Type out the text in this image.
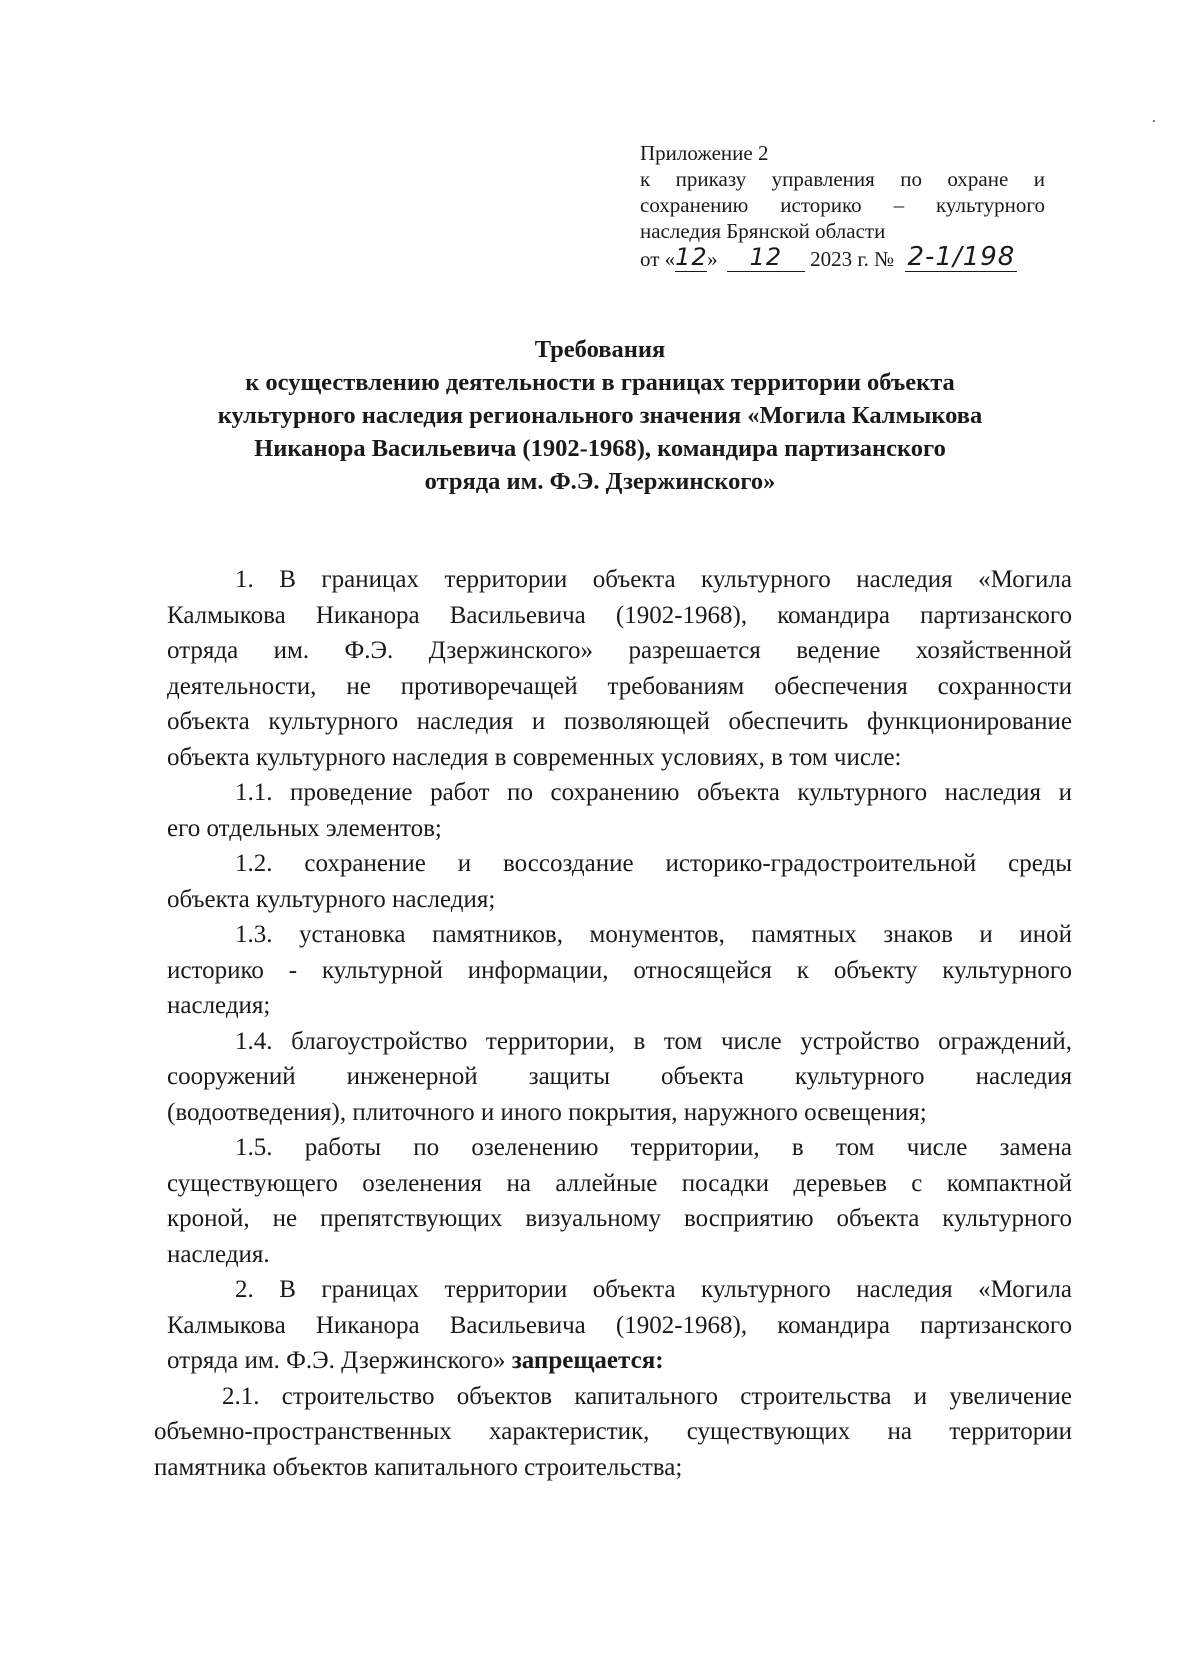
Приложение 2
к приказу управления по охране и
сохранению историко – культурного
наследия Брянской области
от « 12 »	12	2023 г. № 2-1/198
Требования
к осуществлению деятельности в границах территории объекта
культурного наследия регионального значения «Могила Калмыкова
Никанора Васильевича (1902-1968), командира партизанского
отряда им. Ф.Э. Дзержинского»
1. В границах территории объекта культурного наследия «Могила
Калмыкова Никанора Васильевича (1902-1968), командира партизанского
отряда им. Ф.Э. Дзержинского» разрешается ведение хозяйственной
деятельности, не противоречащей требованиям обеспечения сохранности
объекта культурного наследия и позволяющей обеспечить функционирование
объекта культурного наследия в современных условиях, в том числе:
1.1. проведение работ по сохранению объекта культурного наследия и
его отдельных элементов;
1.2. сохранение и воссоздание историко-градостроительной среды
объекта культурного наследия;
1.3. установка памятников, монументов, памятных знаков и иной
историко - культурной информации, относящейся к объекту культурного
наследия;
1.4. благоустройство территории, в том числе устройство ограждений,
сооружений инженерной защиты объекта культурного наследия
(водоотведения), плиточного и иного покрытия, наружного освещения;
1.5. работы по озеленению территории, в том числе замена
существующего озеленения на аллейные посадки деревьев с компактной
кроной, не препятствующих визуальному восприятию объекта культурного
наследия.
2. В границах территории объекта культурного наследия «Могила
Калмыкова Никанора Васильевича (1902-1968), командира партизанского
отряда им. Ф.Э. Дзержинского» запрещается:
2.1. строительство объектов капитального строительства и увеличение
объемно-пространственных характеристик, существующих на территории
памятника объектов капитального строительства;
